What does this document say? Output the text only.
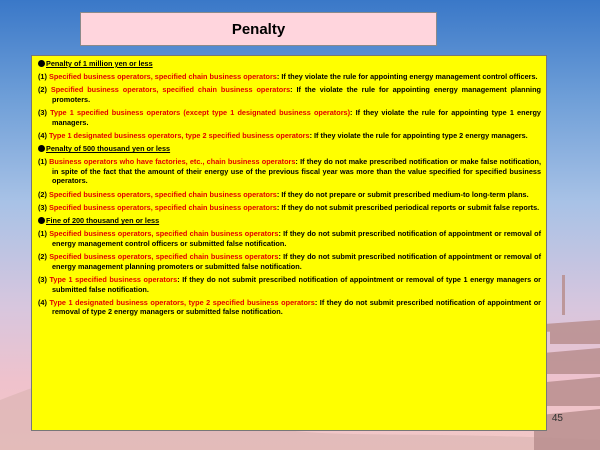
Penalty
Penalty of 1 million yen or less
(1) Specified business operators, specified chain business operators: If they violate the rule for appointing energy management control officers.
(2) Specified business operators, specified chain business operators: If the violate the rule for appointing energy management planning promoters.
(3) Type 1 specified business operators (except type 1 designated business operators): If they violate the rule for appointing type 1 energy managers.
(4) Type 1 designated business operators, type 2 specified business operators: If they violate the rule for appointing type 2 energy managers.
Penalty of 500 thousand yen or less
(1) Business operators who have factories, etc., chain business operators: If they do not make prescribed notification or make false notification, in spite of the fact that the amount of their energy use of the previous fiscal year was more than the value specified for specified business operators.
(2) Specified business operators, specified chain business operators: If they do not prepare or submit prescribed medium-to long-term plans.
(3) Specified business operators, specified chain business operators: If they do not submit prescribed periodical reports or submit false reports.
Fine of 200 thousand yen or less
(1) Specified business operators, specified chain business operators: If they do not submit prescribed notification of appointment or removal of energy management control officers or submitted false notification.
(2) Specified business operators, specified chain business operators: If they do not submit prescribed notification of appointment or removal of energy management planning promoters or submitted false notification.
(3) Type 1 specified business operators: If they do not submit prescribed notification of appointment or removal of type 1 energy managers or submitted false notification.
(4) Type 1 designated business operators, type 2 specified business operators: If they do not submit prescribed notification of appointment or removal of type 2 energy managers or submitted false notification.
45
